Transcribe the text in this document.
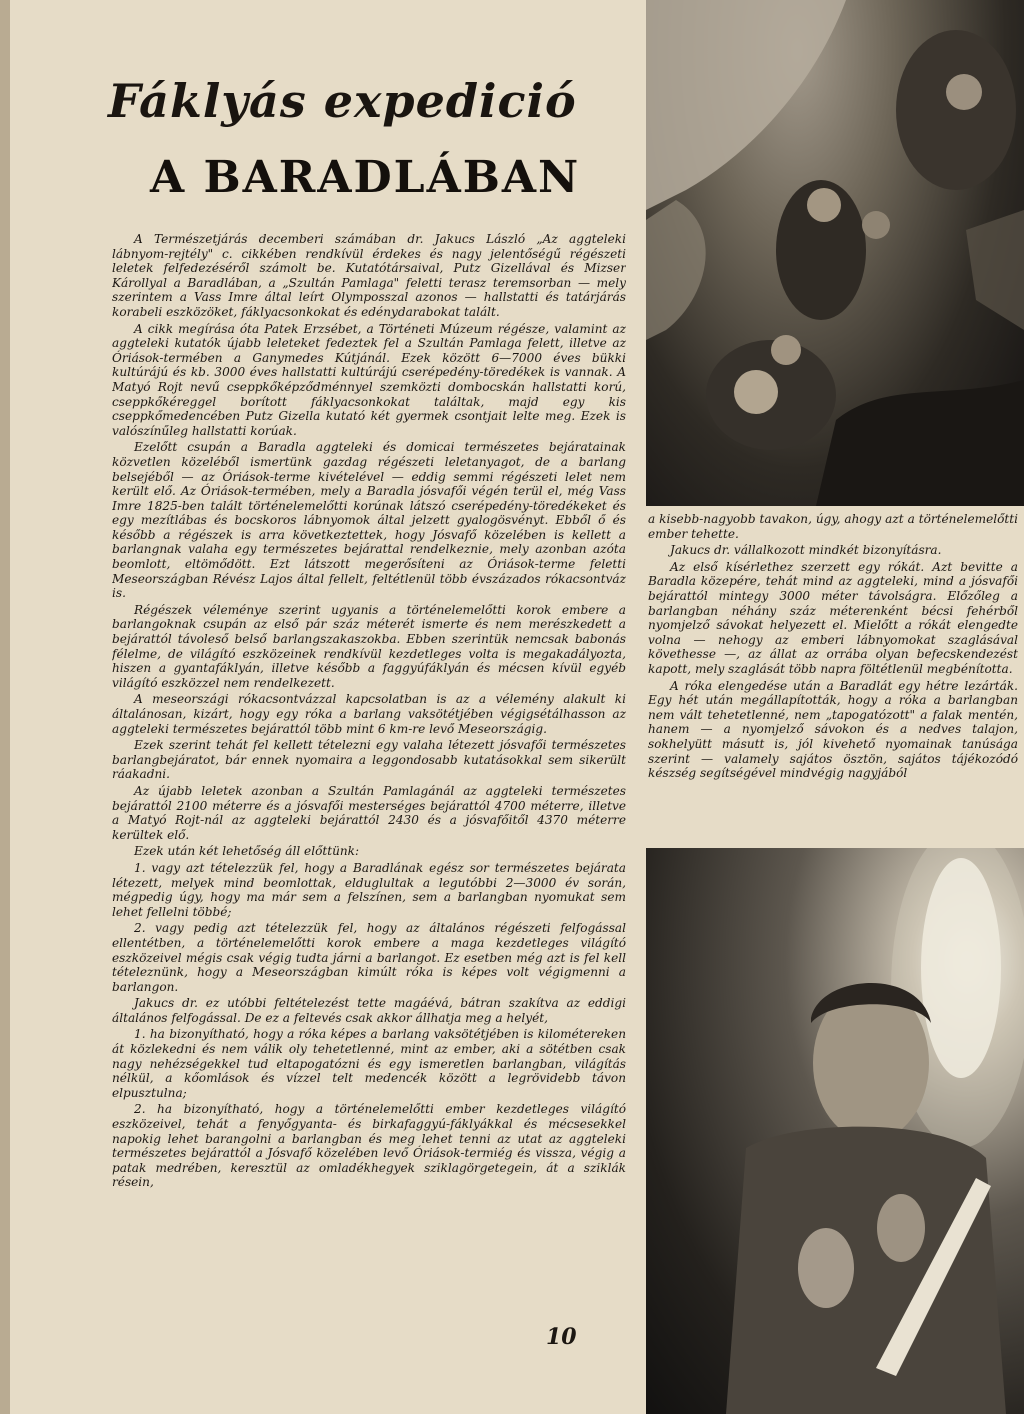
Fáklyás expedició
A BARADLÁBAN

A Természetjárás decemberi számában dr. Jakucs László „Az aggteleki lábnyom-rejtély" c. cikkében rendkívül érdekes és nagy jelentőségű régészeti leletek felfedezéséről számolt be. Kutatótársaival, Putz Gizellával és Mizser Károllyal a Baradlában, a „Szultán Pamlaga" feletti terasz teremsorban — mely szerintem a Vass Imre által leírt Olymposszal azonos — hallstatti és tatárjárás korabeli eszközöket, fáklyacsonkokat és edénydarabokat talált.

A cikk megírása óta Patek Erzsébet, a Történeti Múzeum régésze, valamint az aggteleki kutatók újabb leleteket fedeztek fel a Szultán Pamlaga felett, illetve az Óriások-termében a Ganymedes Kútjánál. Ezek között 6—7000 éves bükki kultúrájú és kb. 3000 éves hallstatti kultúrájú cserépedény-töredékek is vannak. A Matyó Rojt nevű cseppkőképződménnyel szemközti dombocskán hallstatti korú, cseppkőkéreggel borított fáklyacsonkokat találtak, majd egy kis cseppkőmedencében Putz Gizella kutató két gyermek csontjait lelte meg. Ezek is valószínűleg hallstatti korúak.

Ezelőtt csupán a Baradla aggteleki és domicai természetes bejáratainak közvetlen közeléből ismertünk gazdag régészeti leletanyagot, de a barlang belsejéből — az Óriások-terme kivételével — eddig semmi régészeti lelet nem került elő. Az Óriások-termében, mely a Baradla jósvafői végén terül el, még Vass Imre 1825-ben talált történelemelőtti korúnak látszó cserépedény-töredékeket és egy mezítlábas és bocskoros lábnyomok által jelzett gyalogösvényt. Ebből ő és később a régészek is arra következtettek, hogy Jósvafő közelében is kellett a barlangnak valaha egy természetes bejárattal rendelkeznie, mely azonban azóta beomlott, eltömődött. Ezt látszott megerősíteni az Óriások-terme feletti Meseországban Révész Lajos által fellelt, feltétlenül több évszázados rókacsontváz is.

Régészek véleménye szerint ugyanis a történelemelőtti korok embere a barlangoknak csupán az első pár száz méterét ismerte és nem merészkedett a bejárattól távoleső belső barlangszakaszokba. Ebben szerintük nemcsak babonás félelme, de világító eszközeinek rendkívül kezdetleges volta is megakadályozta, hiszen a gyantafáklyán, illetve később a faggyúfáklyán és mécsen kívül egyéb világító eszközzel nem rendelkezett.

A meseországi rókacsontvázzal kapcsolatban is az a vélemény alakult ki általánosan, kizárt, hogy egy róka a barlang vaksötétjében végigsétálhasson az aggteleki természetes bejárattól több mint 6 km-re levő Meseországig.

Ezek szerint tehát fel kellett tételezni egy valaha létezett jósvafői természetes barlangbejáratot, bár ennek nyomaira a leggondosabb kutatásokkal sem sikerült ráakadni.

Az újabb leletek azonban a Szultán Pamlagánál az aggteleki természetes bejárattól 2100 méterre és a jósvafői mesterséges bejárattól 4700 méterre, illetve a Matyó Rojt-nál az aggteleki bejárattól 2430 és a jósvafőitől 4370 méterre kerültek elő.

Ezek után két lehetőség áll előttünk:

1. vagy azt tételezzük fel, hogy a Baradlának egész sor természetes bejárata létezett, melyek mind beomlottak, elduglultak a legutóbbi 2—3000 év során, mégpedig úgy, hogy ma már sem a felszínen, sem a barlangban nyomukat sem lehet fellelni többé;

2. vagy pedig azt tételezzük fel, hogy az általános régészeti felfogással ellentétben, a történelemelőtti korok embere a maga kezdetleges világító eszközeivel mégis csak végig tudta járni a barlangot. Ez esetben még azt is fel kell tételeznünk, hogy a Meseországban kimúlt róka is képes volt végigmenni a barlangon.

Jakucs dr. ez utóbbi feltételezést tette magáévá, bátran szakítva az eddigi általános felfogással. De ez a feltevés csak akkor állhatja meg a helyét,

1. ha bizonyítható, hogy a róka képes a barlang vaksötétjében is kilométereken át közlekedni és nem válik oly tehetetlenné, mint az ember, aki a sötétben csak nagy nehézségekkel tud eltapogatózni és egy ismeretlen barlangban, világítás nélkül, a kőomlások és vízzel telt medencék között a legrövidebb távon elpusztulna;

2. ha bizonyítható, hogy a történelemelőtti ember kezdetleges világító eszközeivel, tehát a fenyőgyanta- és birkafaggyú-fáklyákkal és mécsesekkel napokig lehet barangolni a barlangban és meg lehet tenni az utat az aggteleki természetes bejárattól a Jósvafő közelében levő Óriások-termiég és vissza, végig a patak medrében, keresztül az omladékhegyek sziklagörgetegein, át a sziklák résein,

a kisebb-nagyobb tavakon, úgy, ahogy azt a történelemelőtti ember tehette.

Jakucs dr. vállalkozott mindkét bizonyításra.

Az első kísérlethez szerzett egy rókát. Azt bevitte a Baradla közepére, tehát mind az aggteleki, mind a jósvafői bejárattól mintegy 3000 méter távolságra. Előzőleg a barlangban néhány száz méterenként bécsi fehérből nyomjelző sávokat helyezett el. Mielőtt a rókát elengedte volna — nehogy az emberi lábnyomokat szaglásával követhesse —, az állat az orrába olyan befecskendezést kapott, mely szaglását több napra föltétlenül megbénította.

A róka elengedése után a Baradlát egy hétre lezárták. Egy hét után megállapították, hogy a róka a barlangban nem vált tehetetlenné, nem „tapogatózott" a falak mentén, hanem — a nyomjelző sávokon és a nedves talajon, sokhelyütt másutt is, jól kivehető nyomainak tanúsága szerint — valamely sajátos ösztön, sajátos tájékozódó készség segítségével mindvégig nagyjából

10
